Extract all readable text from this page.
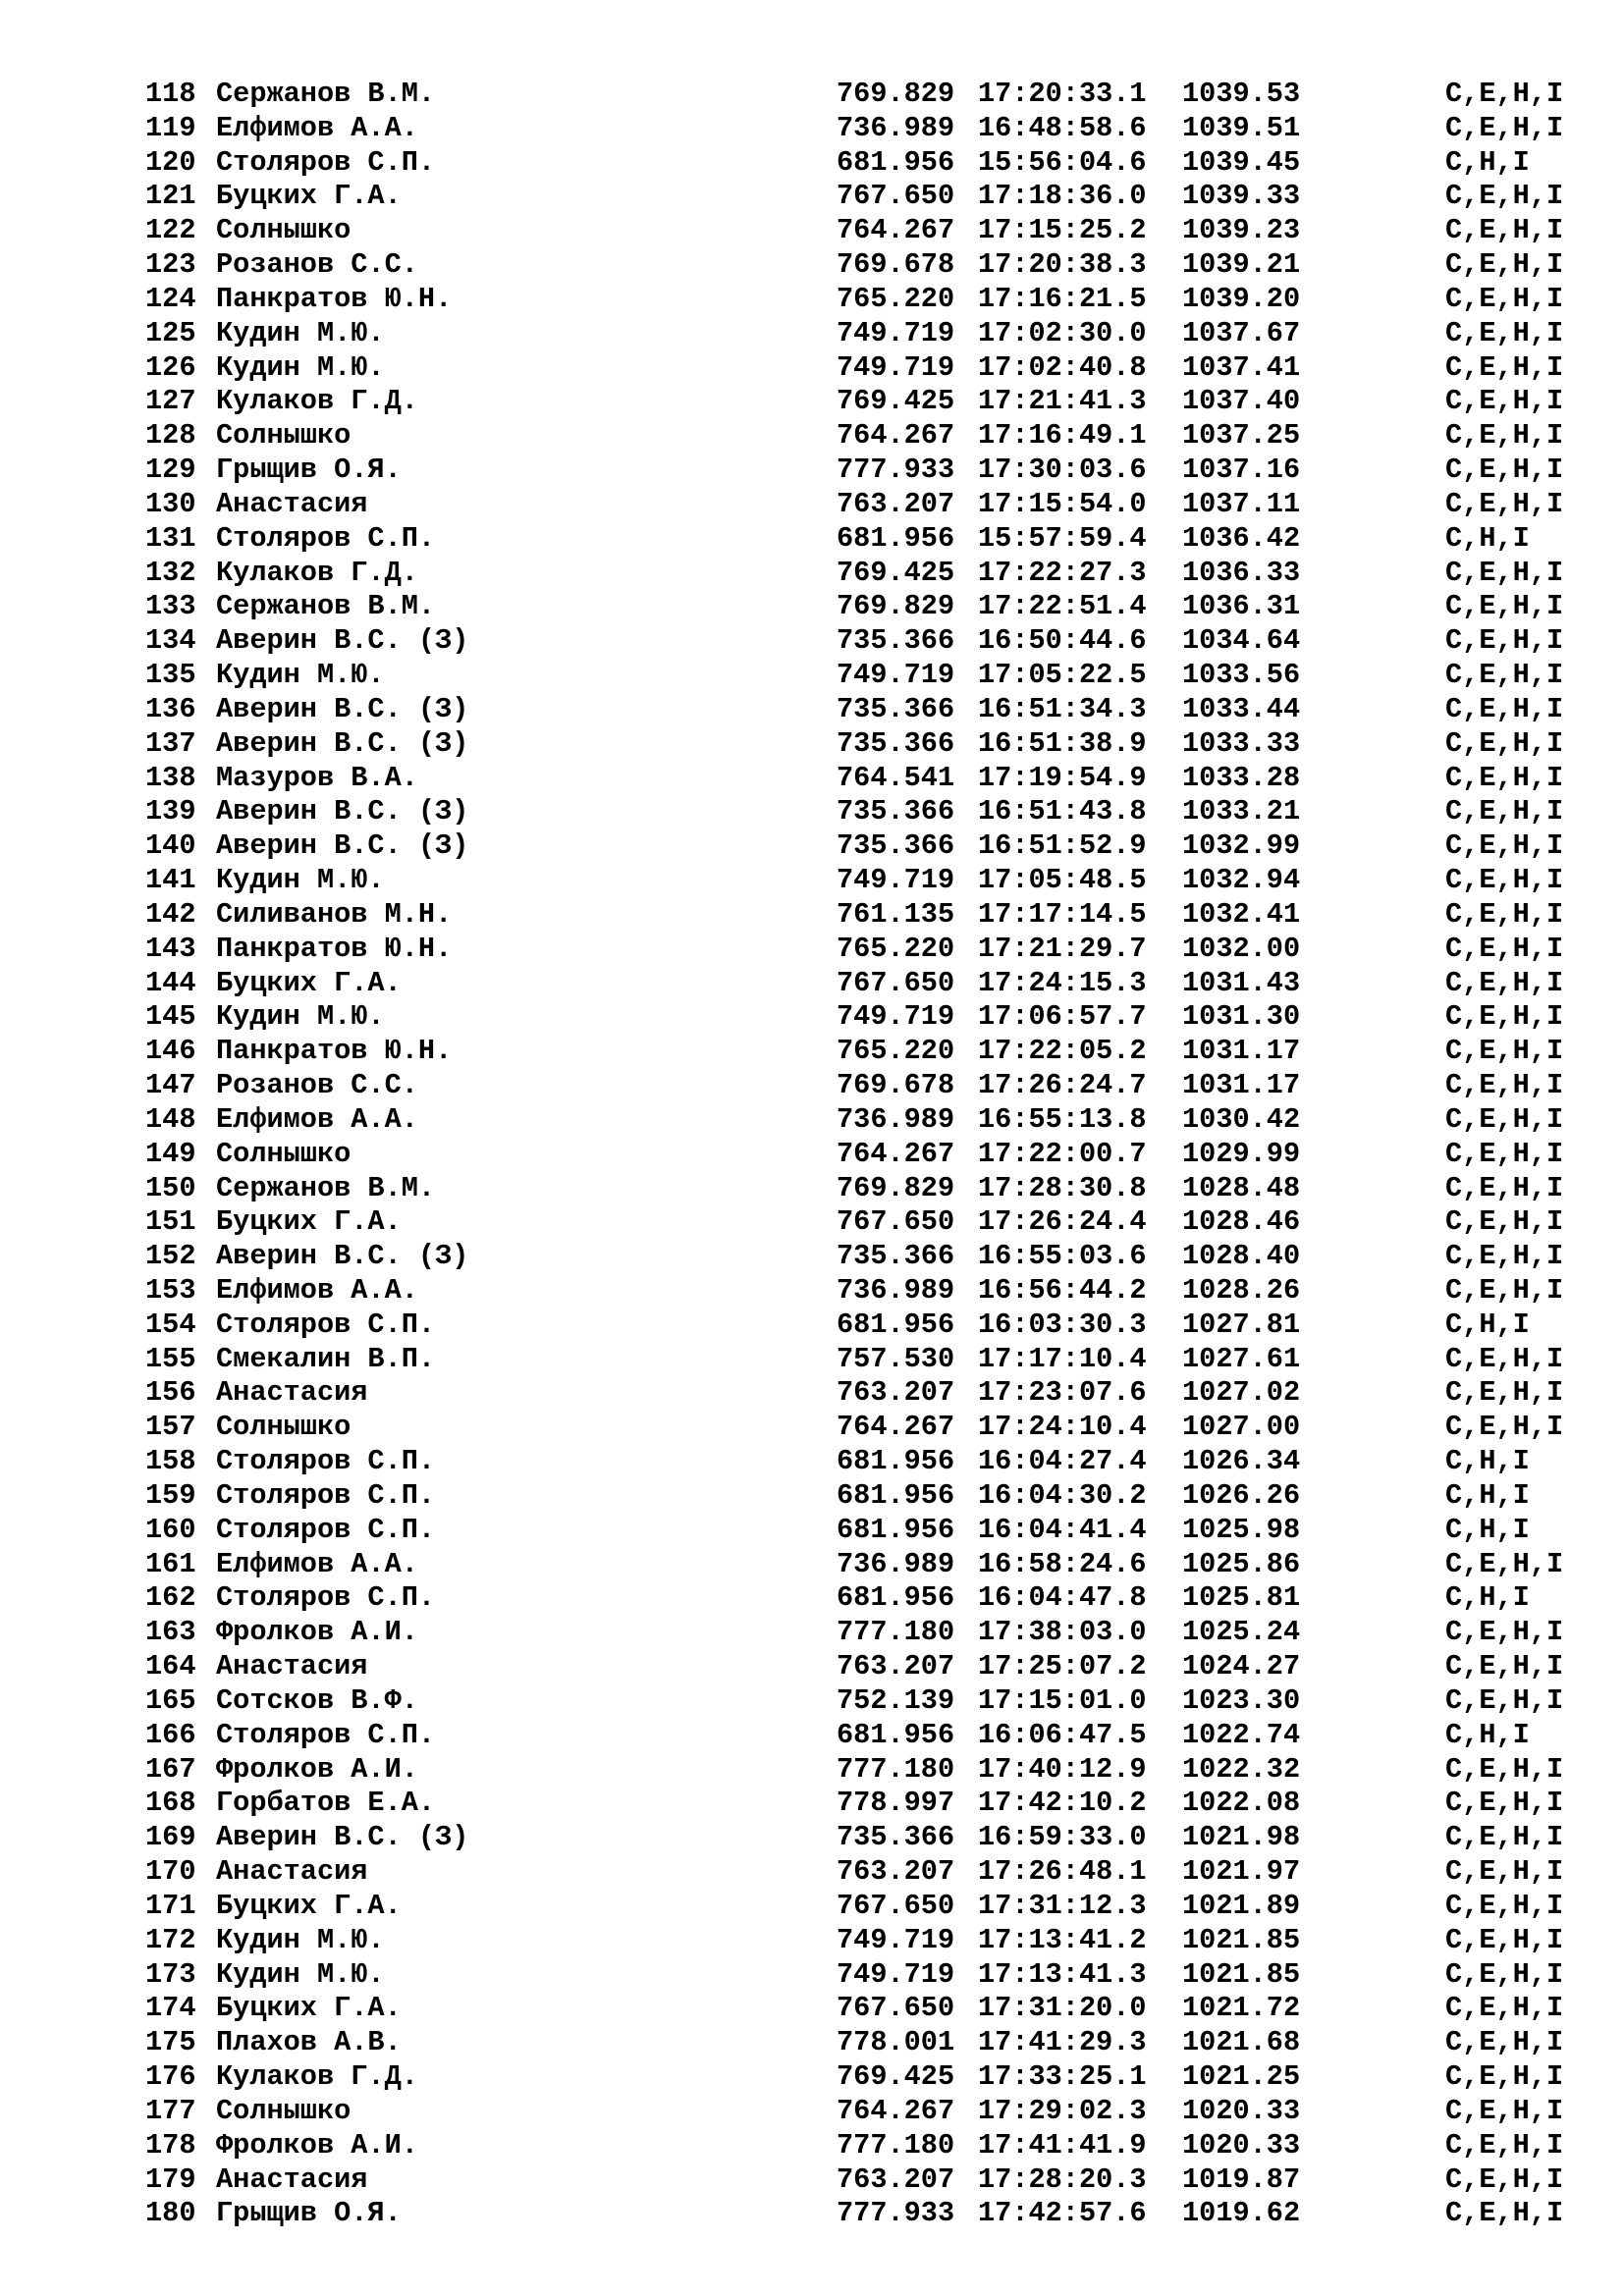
118 Сержанов В.М.	769.829 17:20:33.1 1039.53	C,E,H,I
119 Елфимов А.А.	736.989 16:48:58.6 1039.51	C,E,H,I
120 Столяров С.П.	681.956 15:56:04.6 1039.45	C,H,I
121 Буцких Г.А.	767.650 17:18:36.0 1039.33	C,E,H,I
122 Солнышко	764.267 17:15:25.2 1039.23	C,E,H,I
123 Розанов С.С.	769.678 17:20:38.3 1039.21	C,E,H,I
124 Панкратов Ю.Н.	765.220 17:16:21.5 1039.20	C,E,H,I
125 Кудин М.Ю.	749.719 17:02:30.0 1037.67	C,E,H,I
126 Кудин М.Ю.	749.719 17:02:40.8 1037.41	C,E,H,I
127 Кулаков Г.Д.	769.425 17:21:41.3 1037.40	C,E,H,I
128 Солнышко	764.267 17:16:49.1 1037.25	C,E,H,I
129 Грыщив О.Я.	777.933 17:30:03.6 1037.16	C,E,H,I
130 Анастасия	763.207 17:15:54.0 1037.11	C,E,H,I
131 Столяров С.П.	681.956 15:57:59.4 1036.42	C,H,I
132 Кулаков Г.Д.	769.425 17:22:27.3 1036.33	C,E,H,I
133 Сержанов В.М.	769.829 17:22:51.4 1036.31	C,E,H,I
134 Аверин В.С. (З)	735.366 16:50:44.6 1034.64	C,E,H,I
135 Кудин М.Ю.	749.719 17:05:22.5 1033.56	C,E,H,I
136 Аверин В.С. (З)	735.366 16:51:34.3 1033.44	C,E,H,I
137 Аверин В.С. (З)	735.366 16:51:38.9 1033.33	C,E,H,I
138 Мазуров В.А.	764.541 17:19:54.9 1033.28	C,E,H,I
139 Аверин В.С. (З)	735.366 16:51:43.8 1033.21	C,E,H,I
140 Аверин В.С. (З)	735.366 16:51:52.9 1032.99	C,E,H,I
141 Кудин М.Ю.	749.719 17:05:48.5 1032.94	C,E,H,I
142 Силиванов М.Н.	761.135 17:17:14.5 1032.41	C,E,H,I
143 Панкратов Ю.Н.	765.220 17:21:29.7 1032.00	C,E,H,I
144 Буцких Г.А.	767.650 17:24:15.3 1031.43	C,E,H,I
145 Кудин М.Ю.	749.719 17:06:57.7 1031.30	C,E,H,I
146 Панкратов Ю.Н.	765.220 17:22:05.2 1031.17	C,E,H,I
147 Розанов С.С.	769.678 17:26:24.7 1031.17	C,E,H,I
148 Елфимов А.А.	736.989 16:55:13.8 1030.42	C,E,H,I
149 Солнышко	764.267 17:22:00.7 1029.99	C,E,H,I
150 Сержанов В.М.	769.829 17:28:30.8 1028.48	C,E,H,I
151 Буцких Г.А.	767.650 17:26:24.4 1028.46	C,E,H,I
152 Аверин В.С. (З)	735.366 16:55:03.6 1028.40	C,E,H,I
153 Елфимов А.А.	736.989 16:56:44.2 1028.26	C,E,H,I
154 Столяров С.П.	681.956 16:03:30.3 1027.81	C,H,I
155 Смекалин В.П.	757.530 17:17:10.4 1027.61	C,E,H,I
156 Анастасия	763.207 17:23:07.6 1027.02	C,E,H,I
157 Солнышко	764.267 17:24:10.4 1027.00	C,E,H,I
158 Столяров С.П.	681.956 16:04:27.4 1026.34	C,H,I
159 Столяров С.П.	681.956 16:04:30.2 1026.26	C,H,I
160 Столяров С.П.	681.956 16:04:41.4 1025.98	C,H,I
161 Елфимов А.А.	736.989 16:58:24.6 1025.86	C,E,H,I
162 Столяров С.П.	681.956 16:04:47.8 1025.81	C,H,I
163 Фролков А.И.	777.180 17:38:03.0 1025.24	C,E,H,I
164 Анастасия	763.207 17:25:07.2 1024.27	C,E,H,I
165 Сотсков В.Ф.	752.139 17:15:01.0 1023.30	C,E,H,I
166 Столяров С.П.	681.956 16:06:47.5 1022.74	C,H,I
167 Фролков А.И.	777.180 17:40:12.9 1022.32	C,E,H,I
168 Горбатов Е.А.	778.997 17:42:10.2 1022.08	C,E,H,I
169 Аверин В.С. (З)	735.366 16:59:33.0 1021.98	C,E,H,I
170 Анастасия	763.207 17:26:48.1 1021.97	C,E,H,I
171 Буцких Г.А.	767.650 17:31:12.3 1021.89	C,E,H,I
172 Кудин М.Ю.	749.719 17:13:41.2 1021.85	C,E,H,I
173 Кудин М.Ю.	749.719 17:13:41.3 1021.85	C,E,H,I
174 Буцких Г.А.	767.650 17:31:20.0 1021.72	C,E,H,I
175 Плахов А.В.	778.001 17:41:29.3 1021.68	C,E,H,I
176 Кулаков Г.Д.	769.425 17:33:25.1 1021.25	C,E,H,I
177 Солнышко	764.267 17:29:02.3 1020.33	C,E,H,I
178 Фролков А.И.	777.180 17:41:41.9 1020.33	C,E,H,I
179 Анастасия	763.207 17:28:20.3 1019.87	C,E,H,I
180 Грыщив О.Я.	777.933 17:42:57.6 1019.62	C,E,H,I
